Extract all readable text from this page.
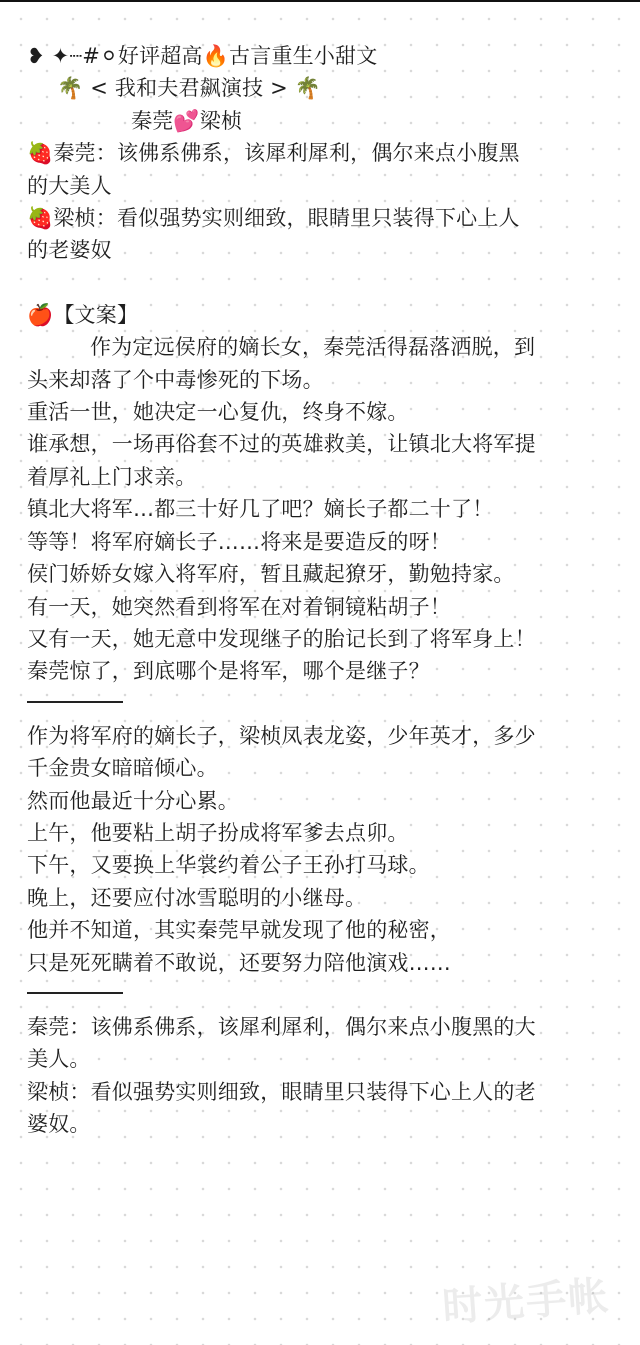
❥ ✦┈#⚪好评超高🔥古言重生小甜文
🌴 < 我和夫君飙演技 > 🌴
秦莞💕梁桢
🍓秦莞：该佛系佛系，该犀利犀利，偶尔来点小腹黑
的大美人
🍓梁桢：看似强势实则细致，眼睛里只装得下心上人
的老婆奴
🍎【文案】
作为定远侯府的嫡长女，秦莞活得磊落洒脱，到
头来却落了个中毒惨死的下场。
重活一世，她决定一心复仇，终身不嫁。
谁承想，一场再俗套不过的英雄救美，让镇北大将军提
着厚礼上门求亲。
镇北大将军…都三十好几了吧？嫡长子都二十了！
等等！将军府嫡长子……将来是要造反的呀！
侯门娇娇女嫁入将军府，暂且藏起獠牙，勤勉持家。
有一天，她突然看到将军在对着铜镜粘胡子！
又有一天，她无意中发现继子的胎记长到了将军身上！
秦莞惊了，到底哪个是将军，哪个是继子？
作为将军府的嫡长子，梁桢凤表龙姿，少年英才，多少
千金贵女暗暗倾心。
然而他最近十分心累。
上午，他要粘上胡子扮成将军爹去点卯。
下午，又要换上华裳约着公子王孙打马球。
晚上，还要应付冰雪聪明的小继母。
他并不知道，其实秦莞早就发现了他的秘密，
只是死死瞒着不敢说，还要努力陪他演戏……
秦莞：该佛系佛系，该犀利犀利，偶尔来点小腹黑的大
美人。
梁桢：看似强势实则细致，眼睛里只装得下心上人的老
婆奴。
时光手帐
